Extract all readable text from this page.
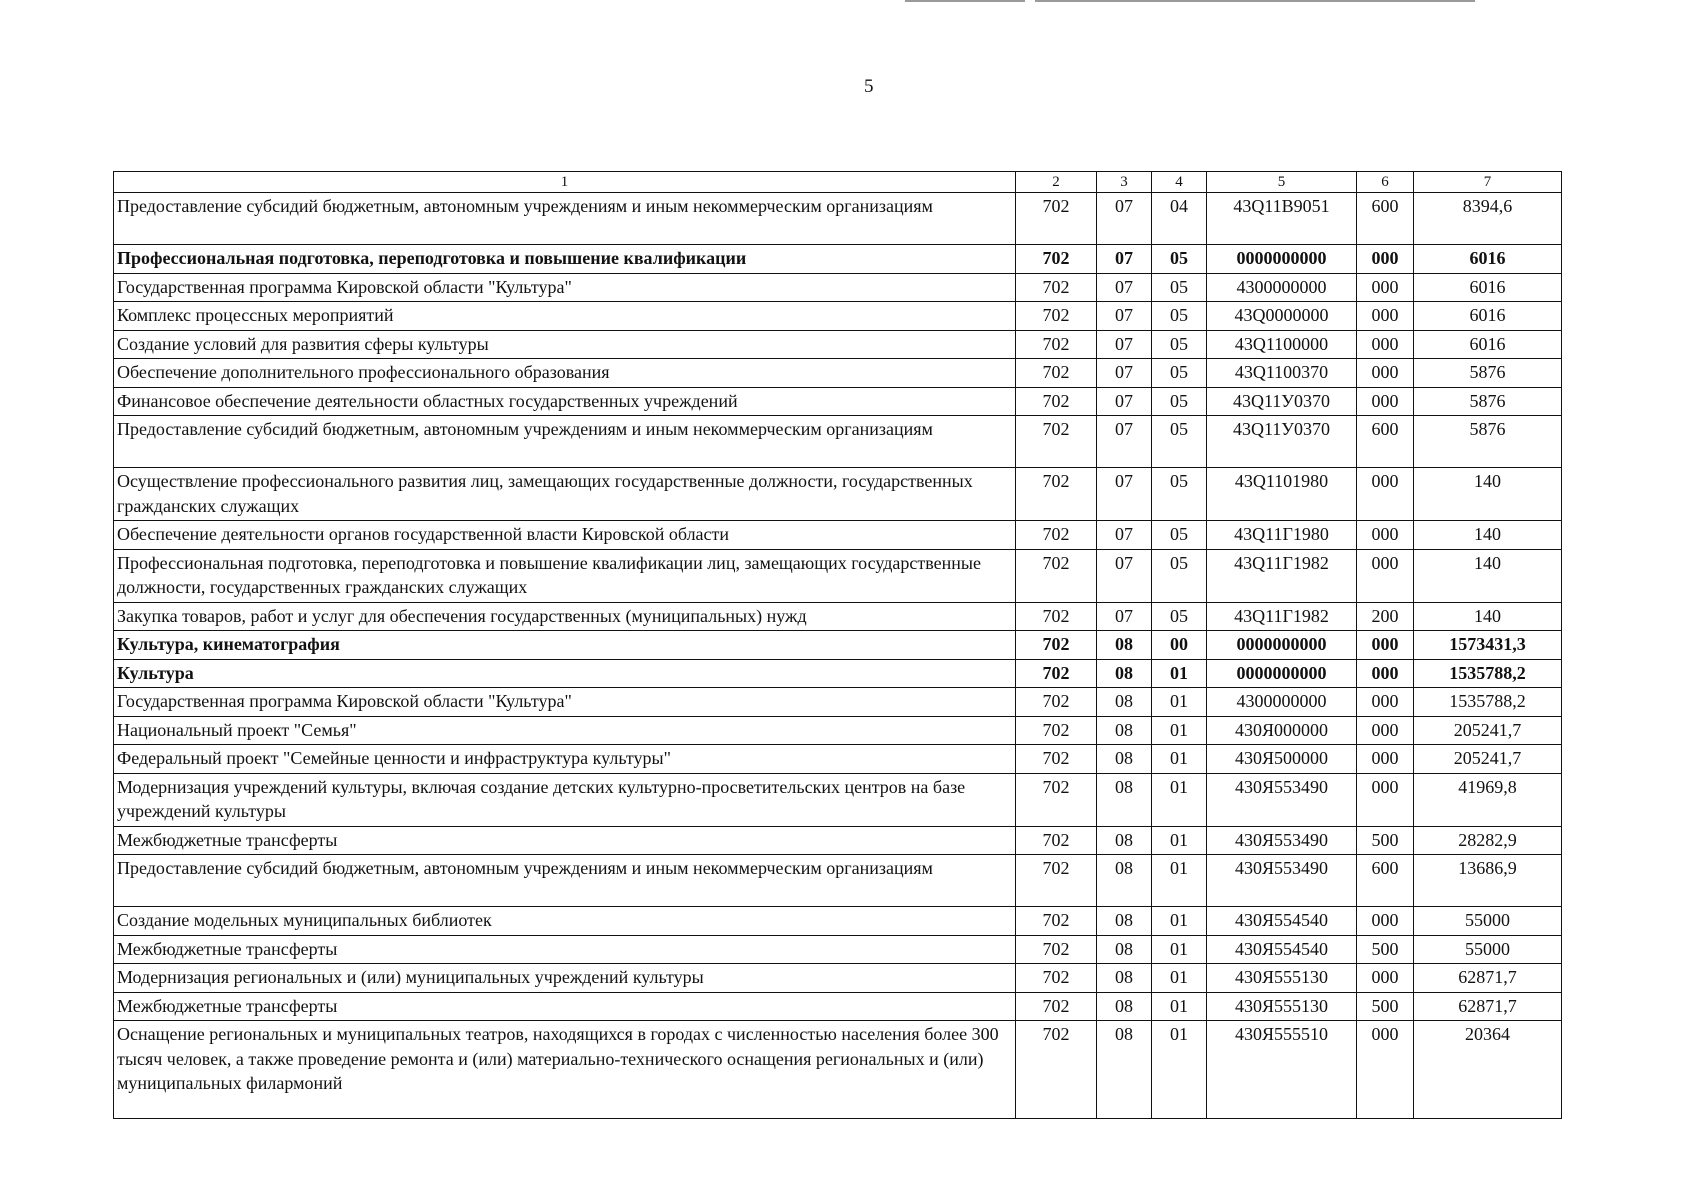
5
1	2	3	4	5	6	7
Предоставление субсидий бюджетным, автономным учреждениям и иным некоммерческим организациям	702	07	04	43Q11B9051	600	8394,6
Профессиональная подготовка, переподготовка и повышение квалификации	702	07	05	0000000000	000	6016
Государственная программа Кировской области "Культура"	702	07	05	4300000000	000	6016
Комплекс процессных мероприятий	702	07	05	43Q0000000	000	6016
Создание условий для развития сферы культуры	702	07	05	43Q1100000	000	6016
Обеспечение дополнительного профессионального образования	702	07	05	43Q1100370	000	5876
Финансовое обеспечение деятельности областных государственных учреждений	702	07	05	43Q11У0370	000	5876
Предоставление субсидий бюджетным, автономным учреждениям и иным некоммерческим организациям	702	07	05	43Q11У0370	600	5876
Осуществление профессионального развития лиц, замещающих государственные должности, государственных гражданских служащих	702	07	05	43Q1101980	000	140
Обеспечение деятельности органов государственной власти Кировской области	702	07	05	43Q11Г1980	000	140
Профессиональная подготовка, переподготовка и повышение квалификации лиц, замещающих государственные должности, государственных гражданских служащих	702	07	05	43Q11Г1982	000	140
Закупка товаров, работ и услуг для обеспечения государственных (муниципальных) нужд	702	07	05	43Q11Г1982	200	140
Культура, кинематография	702	08	00	0000000000	000	1573431,3
Культура	702	08	01	0000000000	000	1535788,2
Государственная программа Кировской области "Культура"	702	08	01	4300000000	000	1535788,2
Национальный проект "Семья"	702	08	01	430Я000000	000	205241,7
Федеральный проект "Семейные ценности и инфраструктура культуры"	702	08	01	430Я500000	000	205241,7
Модернизация учреждений культуры, включая создание детских культурно-просветительских центров на базе учреждений культуры	702	08	01	430Я553490	000	41969,8
Межбюджетные трансферты	702	08	01	430Я553490	500	28282,9
Предоставление субсидий бюджетным, автономным учреждениям и иным некоммерческим организациям	702	08	01	430Я553490	600	13686,9
Создание модельных муниципальных библиотек	702	08	01	430Я554540	000	55000
Межбюджетные трансферты	702	08	01	430Я554540	500	55000
Модернизация региональных и (или) муниципальных учреждений культуры	702	08	01	430Я555130	000	62871,7
Межбюджетные трансферты	702	08	01	430Я555130	500	62871,7
Оснащение региональных и муниципальных театров, находящихся в городах с численностью населения более 300 тысяч человек, а также проведение ремонта и (или) материально-технического оснащения региональных и (или) муниципальных филармоний	702	08	01	430Я555510	000	20364
